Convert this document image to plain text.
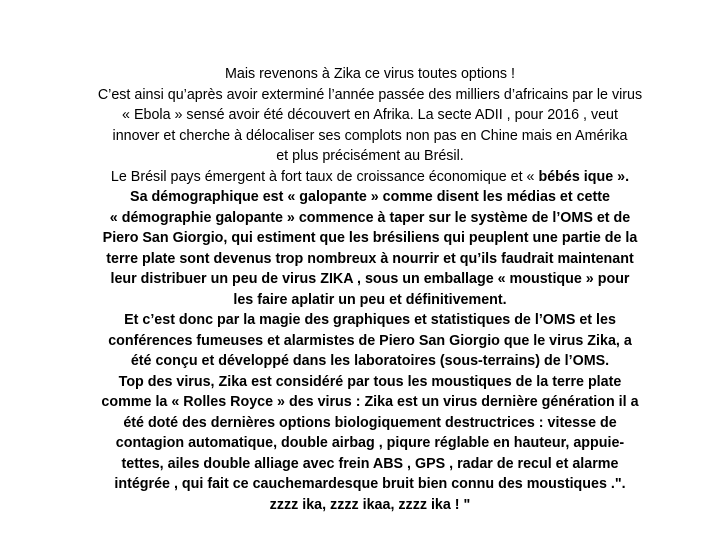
Mais revenons à Zika ce virus toutes options !
C’est ainsi qu’après avoir exterminé l’année passée des milliers d’africains par le virus
« Ebola » sensé avoir été découvert en Afrika. La secte ADII , pour 2016 , veut
innover et cherche à délocaliser ses complots non pas en Chine mais en Amérika
et plus précisément au Brésil.
Le Brésil pays émergent à fort taux de croissance économique et « bébés ique ».
Sa démographique est « galopante » comme disent les médias et cette
« démographie galopante » commence à taper sur le système de l’OMS et de
Piero San Giorgio, qui estiment que les brésiliens qui peuplent une partie de la
terre plate sont devenus trop nombreux à nourrir et qu’ils faudrait maintenant
leur distribuer un peu de virus ZIKA , sous un emballage « moustique » pour
les faire aplatir un peu et définitivement.
Et c’est donc par la magie des graphiques et statistiques de l’OMS et les
conférences fumeuses et alarmistes de Piero San Giorgio que le virus Zika, a
été conçu et développé dans les laboratoires (sous-terrains) de l’OMS.
Top des virus, Zika est considéré par tous les moustiques de la terre plate
comme la « Rolles Royce » des virus : Zika est un virus dernière génération il a
été doté des dernières options biologiquement destructrices : vitesse de
contagion automatique, double airbag , piqure réglable en hauteur, appuie-
tettes, ailes double alliage avec frein ABS , GPS , radar de recul et alarme
intégrée , qui fait ce cauchemardesque bruit bien connu des moustiques .".
zzzz ika, zzzz ikaa, zzzz ika ! "
